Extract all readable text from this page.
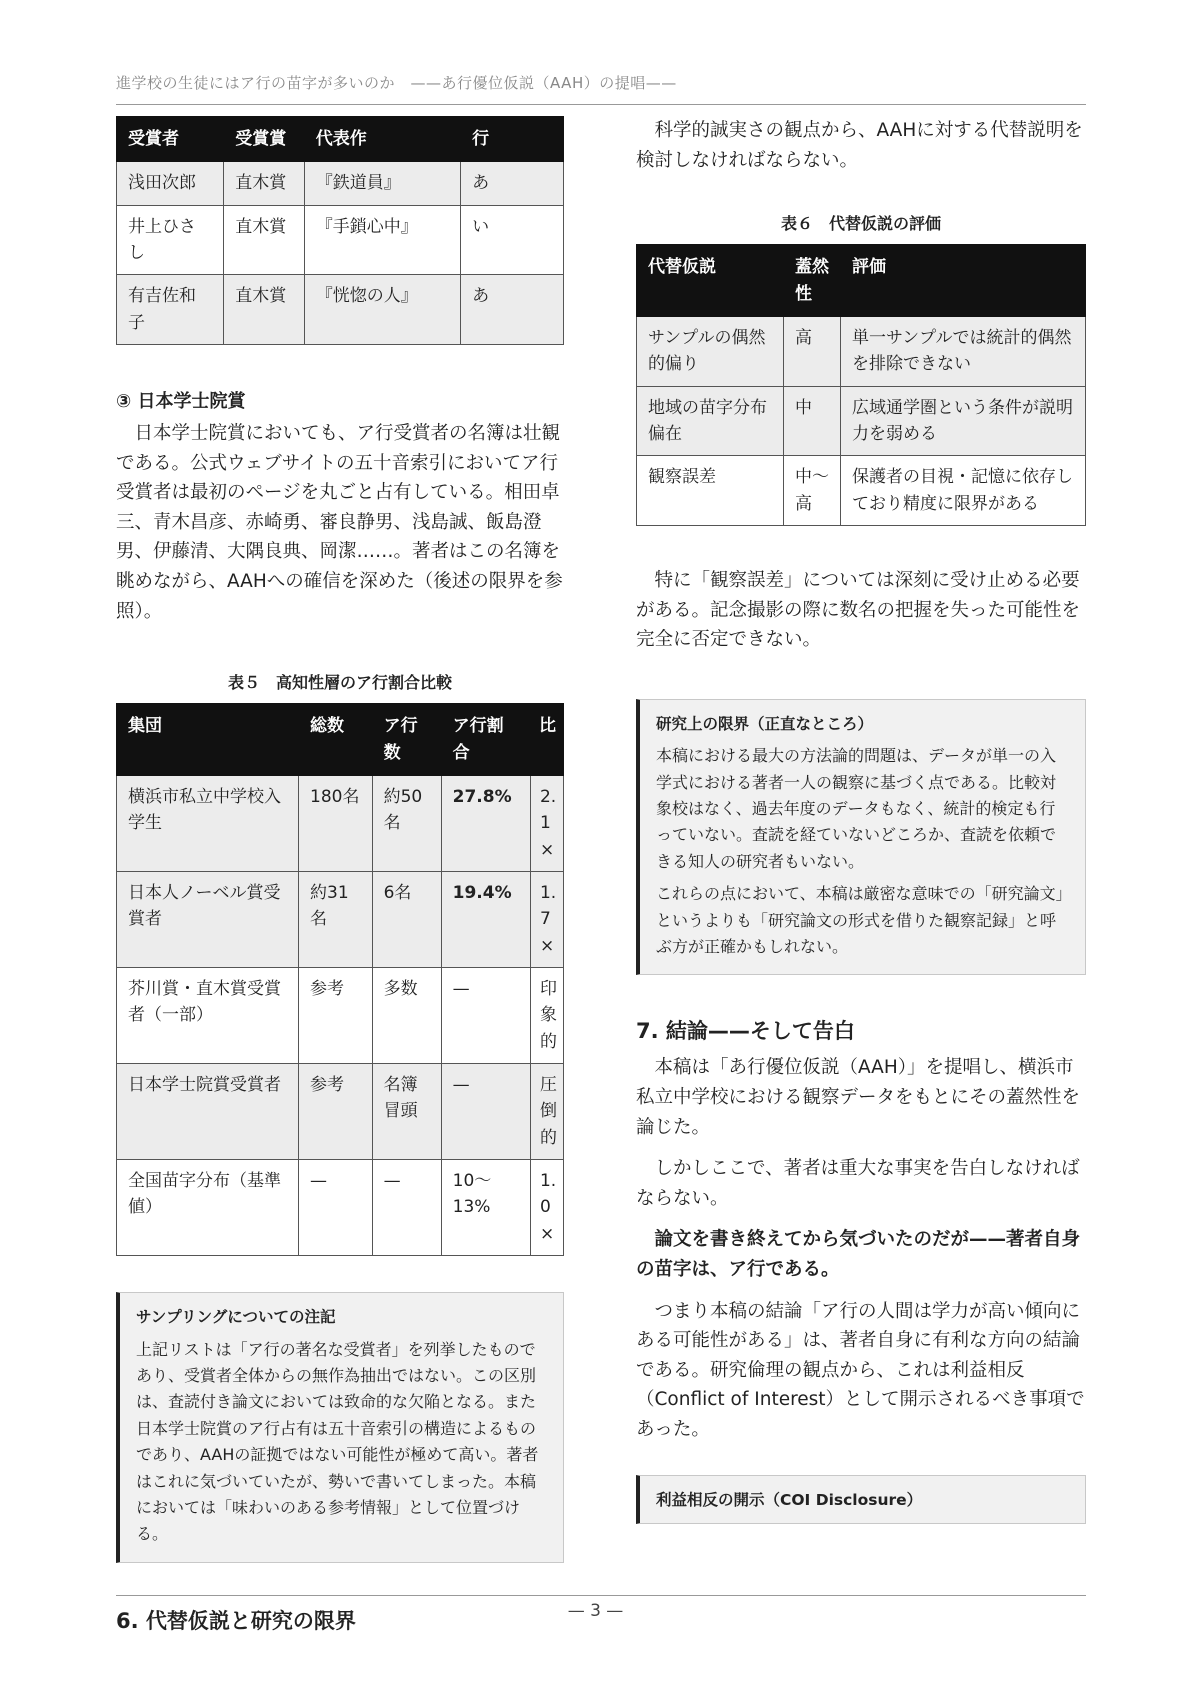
進学校の生徒にはア行の苗字が多いのか　——あ行優位仮説（AAH）の提唱——
受賞者	受賞賞	代表作	行
浅田次郎	直木賞	『鉄道員』	あ
井上ひさし	直木賞	『手鎖心中』	い
有吉佐和子	直木賞	『恍惚の人』	あ
③ 日本学士院賞

日本学士院賞においても、ア行受賞者の名簿は壮観である。公式ウェブサイトの五十音索引においてア行受賞者は最初のページを丸ごと占有している。相田卓三、青木昌彦、赤崎勇、審良静男、浅島誠、飯島澄男、伊藤清、大隅良典、岡潔……。著者はこの名簿を眺めながら、AAHへの確信を深めた（後述の限界を参照）。

表５　高知性層のア行割合比較
集団	総数	ア行数	ア行割合	比
横浜市私立中学校入学生	180名	約50名	27.8%	2.1×
日本人ノーベル賞受賞者	約31名	6名	19.4%	1.7×
芥川賞・直木賞受賞者（一部）	参考	多数	—	印象的
日本学士院賞受賞者	参考	名簿冒頭	—	圧倒的
全国苗字分布（基準値）	—	—	10〜13%	1.0×
サンプリングについての注記

上記リストは「ア行の著名な受賞者」を列挙したものであり、受賞者全体からの無作為抽出ではない。この区別は、査読付き論文においては致命的な欠陥となる。また日本学士院賞のア行占有は五十音索引の構造によるものであり、AAHの証拠ではない可能性が極めて高い。著者はこれに気づいていたが、勢いで書いてしまった。本稿においては「味わいのある参考情報」として位置づける。

6. 代替仮説と研究の限界

科学的誠実さの観点から、AAHに対する代替説明を検討しなければならない。

表６　代替仮説の評価
代替仮説	蓋然性	評価
サンプルの偶然的偏り	高	単一サンプルでは統計的偶然を排除できない
地域の苗字分布偏在	中	広域通学圏という条件が説明力を弱める
観察誤差	中〜高	保護者の目視・記憶に依存しており精度に限界がある

特に「観察誤差」については深刻に受け止める必要がある。記念撮影の際に数名の把握を失った可能性を完全に否定できない。

研究上の限界（正直なところ）

本稿における最大の方法論的問題は、データが単一の入学式における著者一人の観察に基づく点である。比較対象校はなく、過去年度のデータもなく、統計的検定も行っていない。査読を経ていないどころか、査読を依頼できる知人の研究者もいない。

これらの点において、本稿は厳密な意味での「研究論文」というよりも「研究論文の形式を借りた観察記録」と呼ぶ方が正確かもしれない。

7. 結論——そして告白

本稿は「あ行優位仮説（AAH）」を提唱し、横浜市私立中学校における観察データをもとにその蓋然性を論じた。

しかしここで、著者は重大な事実を告白しなければならない。

論文を書き終えてから気づいたのだが——著者自身の苗字は、ア行である。

つまり本稿の結論「ア行の人間は学力が高い傾向にある可能性がある」は、著者自身に有利な方向の結論である。研究倫理の観点から、これは利益相反（Conflict of Interest）として開示されるべき事項であった。

利益相反の開示（COI Disclosure）
— 3 —
